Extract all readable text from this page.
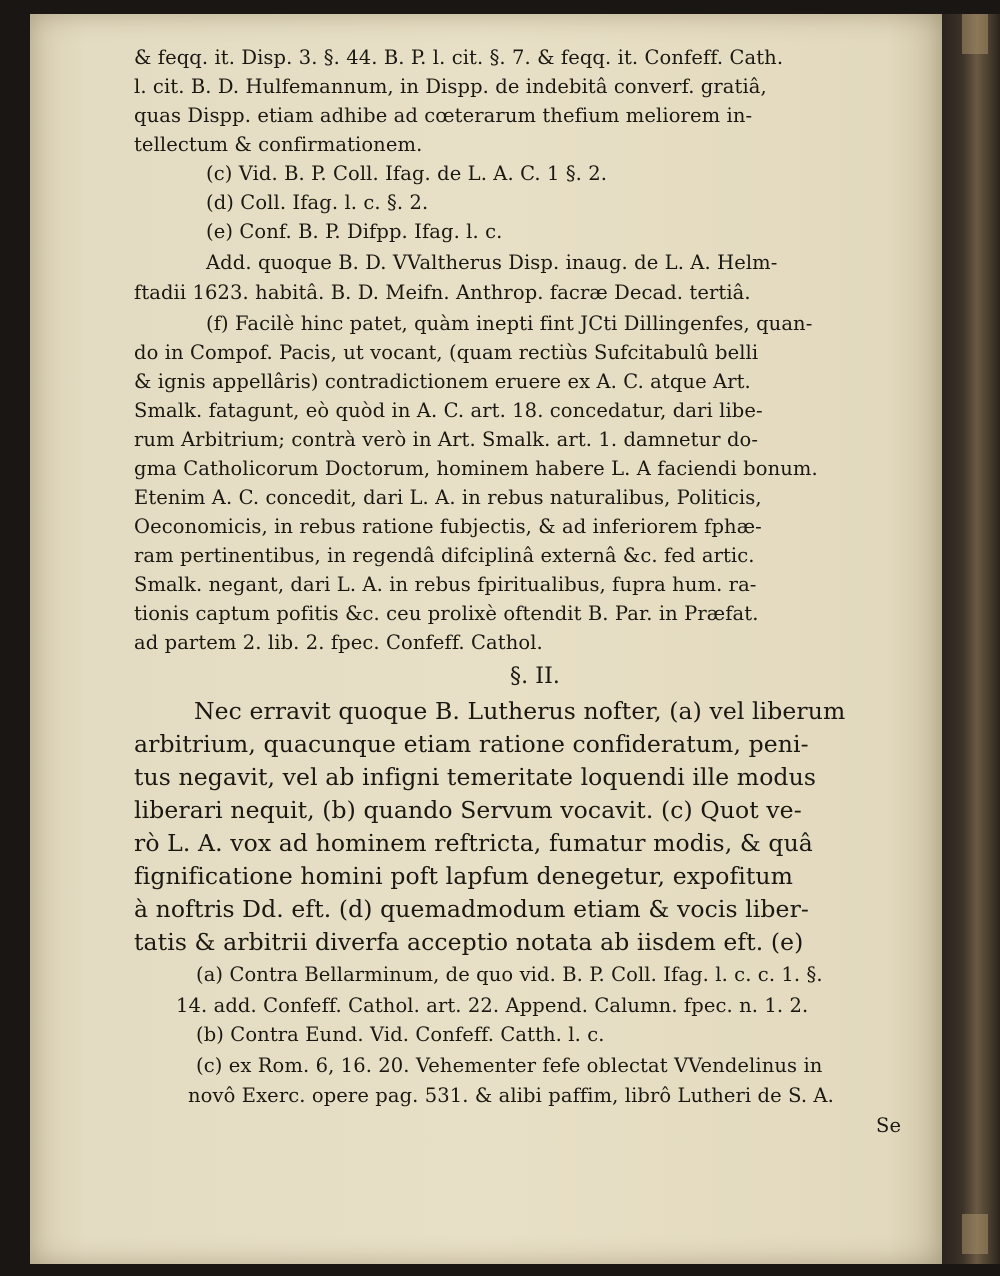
& feqq. it. Disp. 3. §. 44. B. P. l. cit. §. 7. & feqq. it. Confeff. Cath.
l. cit. B. D. Hulfemannum, in Dispp. de indebitâ converf. gratiâ,
quas Dispp. etiam adhibe ad cœterarum thefium meliorem in-
tellectum & confirmationem.
(c) Vid. B. P. Coll. Ifag. de L. A. C. 1 §. 2.
(d) Coll. Ifag. l. c. §. 2.
(e) Conf. B. P. Difpp. Ifag. l. c.
Add. quoque B. D. VValtherus Disp. inaug. de L. A. Helm-
ftadii 1623. habitâ. B. D. Meifn. Anthrop. facræ Decad. tertiâ.
(f) Facilè hinc patet, quàm inepti fint JCti Dillingenfes, quan-
do in Compof. Pacis, ut vocant, (quam rectiùs Sufcitabulû belli
& ignis appellâris) contradictionem eruere ex A. C. atque Art.
Smalk. fatagunt, eò quòd in A. C. art. 18. concedatur, dari libe-
rum Arbitrium; contrà verò in Art. Smalk. art. 1. damnetur do-
gma Catholicorum Doctorum, hominem habere L. A faciendi bonum.
Etenim A. C. concedit, dari L. A. in rebus naturalibus, Politicis,
Oeconomicis, in rebus ratione fubjectis, & ad inferiorem fphæ-
ram pertinentibus, in regendâ difciplinâ externâ &c. fed artic.
Smalk. negant, dari L. A. in rebus fpiritualibus, fupra hum. ra-
tionis captum pofitis &c. ceu prolixè oftendit B. Par. in Præfat.
ad partem 2. lib. 2. fpec. Confeff. Cathol.
§. II.
Nec erravit quoque B. Lutherus nofter, (a) vel liberum
arbitrium, quacunque etiam ratione confideratum, peni-
tus negavit, vel ab infigni temeritate loquendi ille modus
liberari nequit, (b) quando Servum vocavit. (c) Quot ve-
rò L. A. vox ad hominem reftricta, fumatur modis, & quâ
fignificatione homini poft lapfum denegetur, expofitum
à noftris Dd. eft. (d) quemadmodum etiam & vocis liber-
tatis & arbitrii diverfa acceptio notata ab iisdem eft. (e)
(a) Contra Bellarminum, de quo vid. B. P. Coll. Ifag. l. c. c. 1. §.
14. add. Confeff. Cathol. art. 22. Append. Calumn. fpec. n. 1. 2.
(b) Contra Eund. Vid. Confeff. Catth. l. c.
(c) ex Rom. 6, 16. 20. Vehementer fefe oblectat VVendelinus in
novô Exerc. opere pag. 531. & alibi paffim, librô Lutheri de S. A.
Se
